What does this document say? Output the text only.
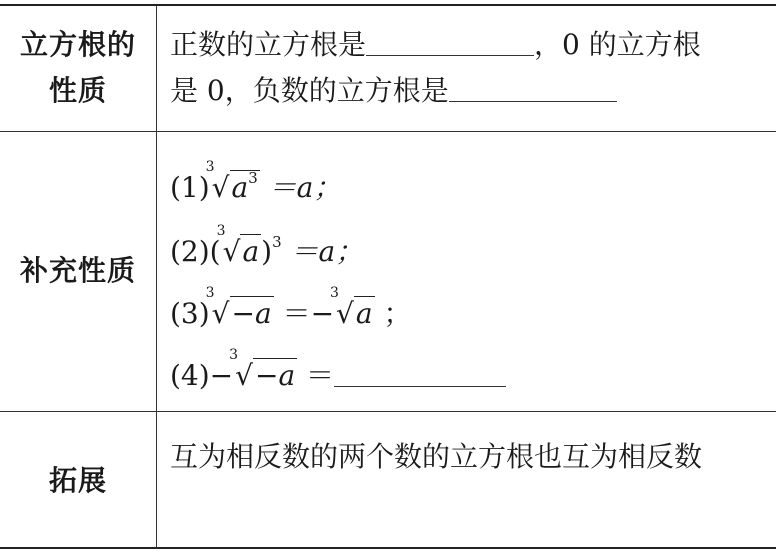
立方根的
性质
正数的立方根是	，0 的立方根
是 0，负数的立方根是
补充性质
(1)
3
$√a^3 =a$；
(2)(
3
√a)$^3$ ＝a；
(3)
3
√−a ＝−
3
√a ；
(4)−
3
√−a ＝
拓展
互为相反数的两个数的立方根也互为相反数
